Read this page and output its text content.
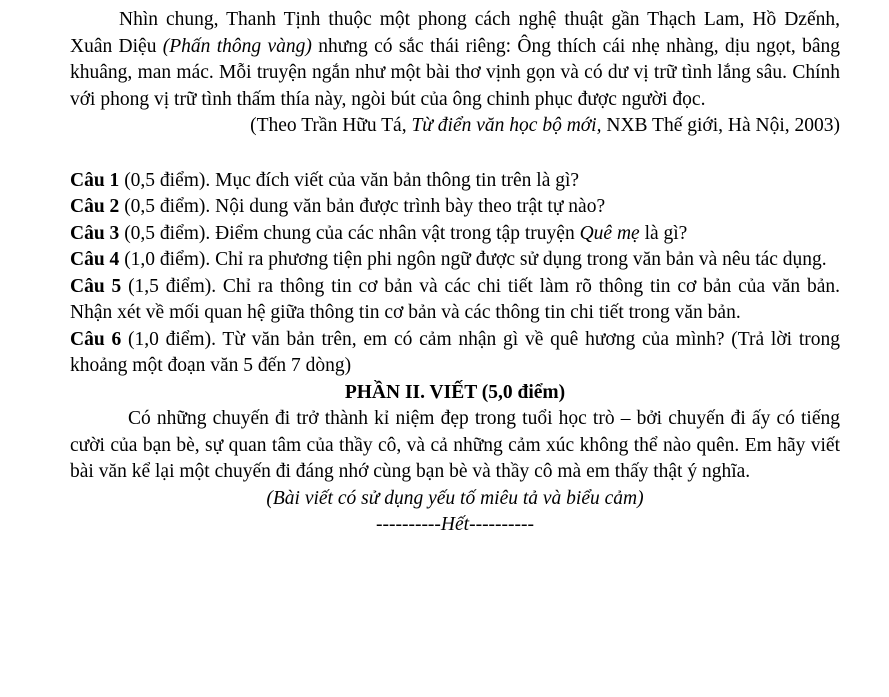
Nhìn chung, Thanh Tịnh thuộc một phong cách nghệ thuật gần Thạch Lam, Hồ Dzếnh, Xuân Diệu (Phấn thông vàng) nhưng có sắc thái riêng: Ông thích cái nhẹ nhàng, dịu ngọt, bâng khuâng, man mác. Mỗi truyện ngắn như một bài thơ vịnh gọn và có dư vị trữ tình lắng sâu. Chính với phong vị trữ tình thấm thía này, ngòi bút của ông chinh phục được người đọc.

(Theo Trần Hữu Tá, Từ điển văn học bộ mới, NXB Thế giới, Hà Nội, 2003)

Câu 1 (0,5 điểm). Mục đích viết của văn bản thông tin trên là gì?

Câu 2 (0,5 điểm). Nội dung văn bản được trình bày theo trật tự nào?

Câu 3 (0,5 điểm). Điểm chung của các nhân vật trong tập truyện Quê mẹ là gì?

Câu 4 (1,0 điểm). Chỉ ra phương tiện phi ngôn ngữ được sử dụng trong văn bản và nêu tác dụng.

Câu 5 (1,5 điểm). Chỉ ra thông tin cơ bản và các chi tiết làm rõ thông tin cơ bản của văn bản. Nhận xét về mối quan hệ giữa thông tin cơ bản và các thông tin chi tiết trong văn bản.

Câu 6 (1,0 điểm). Từ văn bản trên, em có cảm nhận gì về quê hương của mình? (Trả lời trong khoảng một đoạn văn 5 đến 7 dòng)

PHẦN II. VIẾT (5,0 điểm)

Có những chuyến đi trở thành kỉ niệm đẹp trong tuổi học trò – bởi chuyến đi ấy có tiếng cười của bạn bè, sự quan tâm của thầy cô, và cả những cảm xúc không thể nào quên. Em hãy viết bài văn kể lại một chuyến đi đáng nhớ cùng bạn bè và thầy cô mà em thấy thật ý nghĩa.

(Bài viết có sử dụng yếu tố miêu tả và biểu cảm)

----------Hết----------
